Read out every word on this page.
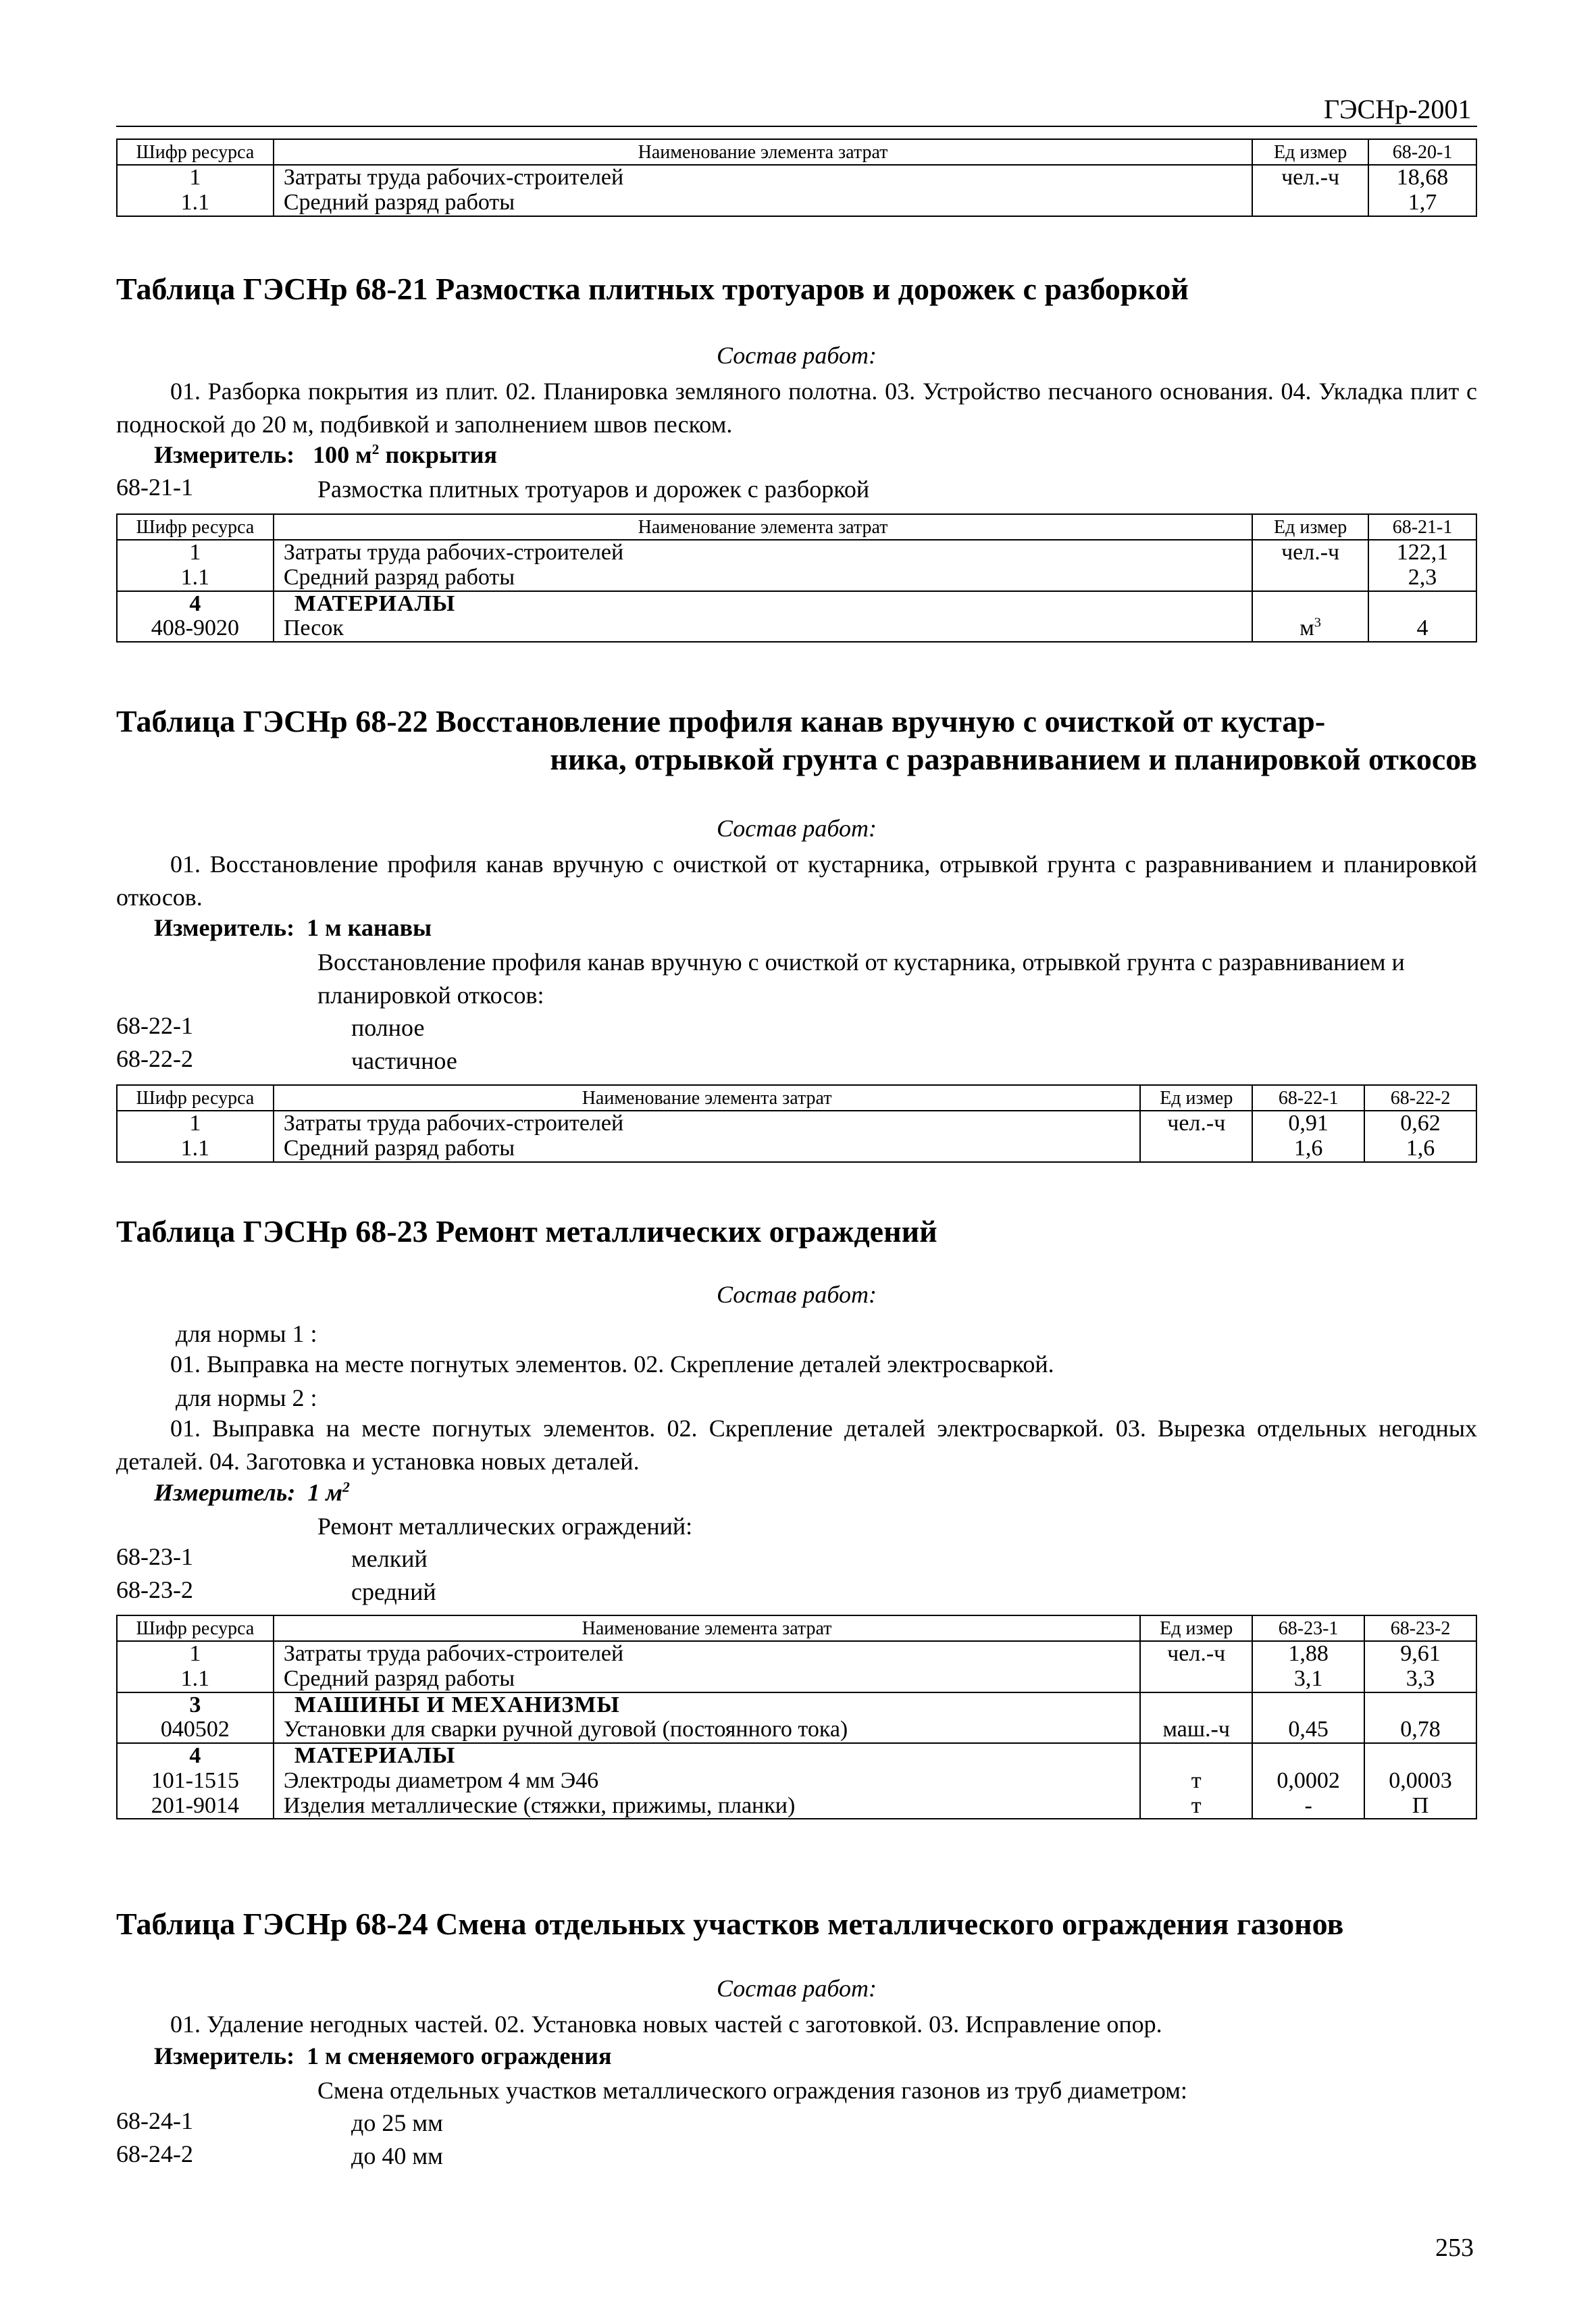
ГЭСНр-2001
Шифр ресурса	Наименование элемента затрат	Ед измер	68-20-1
1	Затраты труда рабочих-строителей	чел.-ч	18,68
1.1	Средний разряд работы		1,7
Таблица ГЭСНр 68-21 Размостка плитных тротуаров и дорожек с разборкой
Состав работ:
01. Разборка покрытия из плит. 02. Планировка земляного полотна. 03. Устройство песчаного основания. 04. Укладка плит с подноской до 20 м, подбивкой и заполнением швов песком.
Измеритель: 100 $м^2$ покрытия
68-21-1	Размостка плитных тротуаров и дорожек с разборкой
Шифр ресурса	Наименование элемента затрат	Ед измер	68-21-1
1	Затраты труда рабочих-строителей	чел.-ч	122,1
1.1	Средний разряд работы		2,3
4	МАТЕРИАЛЫ		
408-9020	Песок	$м^3$	4
Таблица ГЭСНр 68-22 Восстановление профиля канав вручную с очисткой от кустар-
ника, отрывкой грунта с разравниванием и планировкой откосов
Состав работ:
01. Восстановление профиля канав вручную с очисткой от кустарника, отрывкой грунта с разравниванием и планировкой откосов.
Измеритель: 1 м канавы
Восстановление профиля канав вручную с очисткой от кустарника, отрывкой грунта с разравниванием и планировкой откосов:
68-22-1	полное
68-22-2	частичное
Шифр ресурса	Наименование элемента затрат	Ед измер	68-22-1	68-22-2
1	Затраты труда рабочих-строителей	чел.-ч	0,91	0,62
1.1	Средний разряд работы		1,6	1,6
Таблица ГЭСНр 68-23 Ремонт металлических ограждений
Состав работ:
для нормы 1 :
01. Выправка на месте погнутых элементов. 02. Скрепление деталей электросваркой.
для нормы 2 :
01. Выправка на месте погнутых элементов. 02. Скрепление деталей электросваркой. 03. Вырезка отдельных негодных деталей. 04. Заготовка и установка новых деталей.
Измеритель: 1 $м^2$
Ремонт металлических ограждений:
68-23-1	мелкий
68-23-2	средний
Шифр ресурса	Наименование элемента затрат	Ед измер	68-23-1	68-23-2
1	Затраты труда рабочих-строителей	чел.-ч	1,88	9,61
1.1	Средний разряд работы		3,1	3,3
3	МАШИНЫ И МЕХАНИЗМЫ			
040502	Установки для сварки ручной дуговой (постоянного тока)	маш.-ч	0,45	0,78
4	МАТЕРИАЛЫ			
101-1515	Электроды диаметром 4 мм Э46	т	0,0002	0,0003
201-9014	Изделия металлические (стяжки, прижимы, планки)	т	-	П
Таблица ГЭСНр 68-24 Смена отдельных участков металлического ограждения газонов
Состав работ:
01. Удаление негодных частей. 02. Установка новых частей с заготовкой. 03. Исправление опор.
Измеритель: 1 м сменяемого ограждения
Смена отдельных участков металлического ограждения газонов из труб диаметром:
68-24-1	до 25 мм
68-24-2	до 40 мм
253
